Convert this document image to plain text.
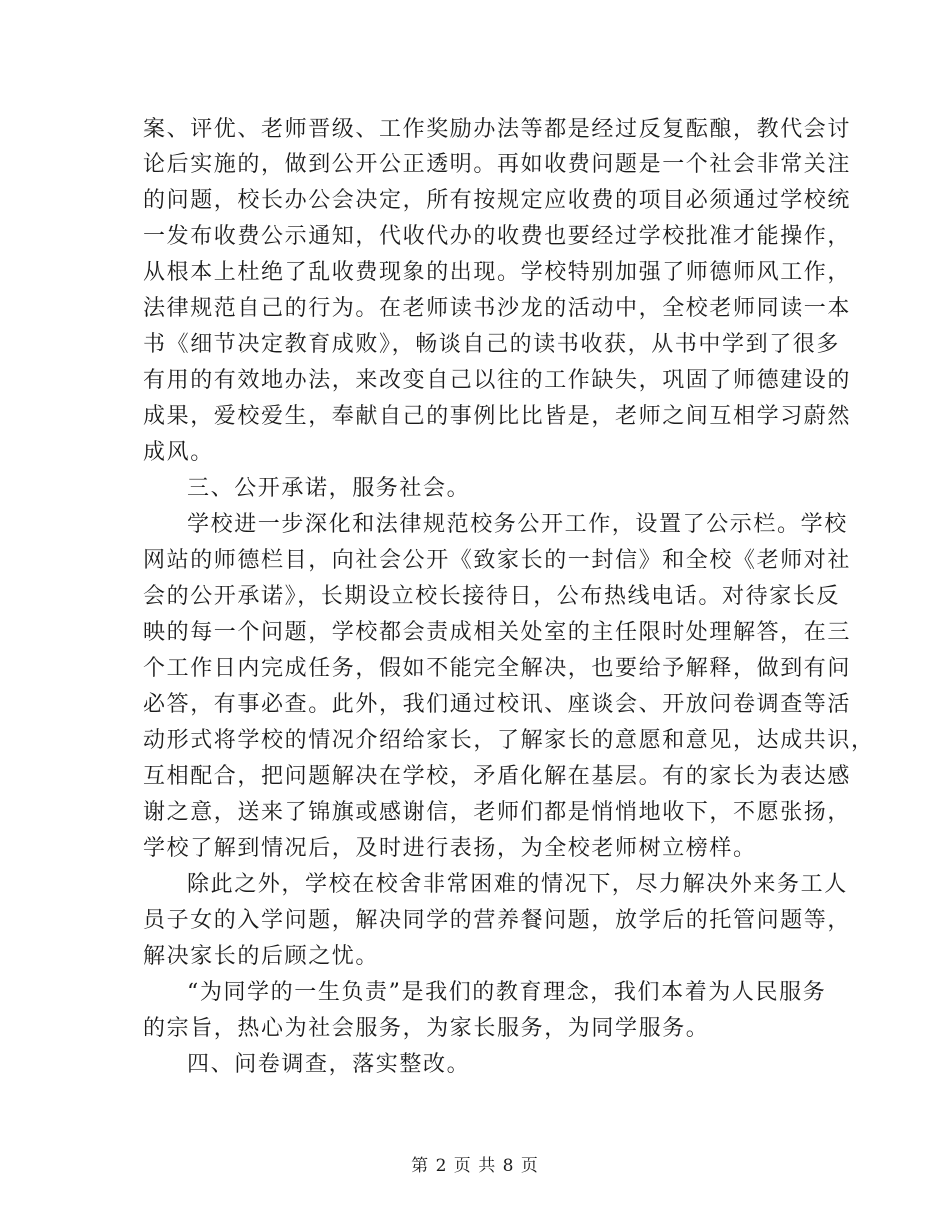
案、评优、老师晋级、工作奖励办法等都是经过反复酝酿，教代会讨
论后实施的，做到公开公正透明。再如收费问题是一个社会非常关注
的问题，校长办公会决定，所有按规定应收费的项目必须通过学校统
一发布收费公示通知，代收代办的收费也要经过学校批准才能操作，
从根本上杜绝了乱收费现象的出现。学校特别加强了师德师风工作，
法律规范自己的行为。在老师读书沙龙的活动中，全校老师同读一本
书《细节决定教育成败》，畅谈自己的读书收获，从书中学到了很多
有用的有效地办法，来改变自己以往的工作缺失，巩固了师德建设的
成果，爱校爱生，奉献自己的事例比比皆是，老师之间互相学习蔚然
成风。
三、公开承诺，服务社会。
学校进一步深化和法律规范校务公开工作，设置了公示栏。学校
网站的师德栏目，向社会公开《致家长的一封信》和全校《老师对社
会的公开承诺》，长期设立校长接待日，公布热线电话。对待家长反
映的每一个问题，学校都会责成相关处室的主任限时处理解答，在三
个工作日内完成任务，假如不能完全解决，也要给予解释，做到有问
必答，有事必查。此外，我们通过校讯、座谈会、开放问卷调查等活
动形式将学校的情况介绍给家长，了解家长的意愿和意见，达成共识，
互相配合，把问题解决在学校，矛盾化解在基层。有的家长为表达感
谢之意，送来了锦旗或感谢信，老师们都是悄悄地收下，不愿张扬，
学校了解到情况后，及时进行表扬，为全校老师树立榜样。
除此之外，学校在校舍非常困难的情况下，尽力解决外来务工人
员子女的入学问题，解决同学的营养餐问题，放学后的托管问题等，
解决家长的后顾之忧。
“为同学的一生负责”是我们的教育理念，我们本着为人民服务
的宗旨，热心为社会服务，为家长服务，为同学服务。
四、问卷调查，落实整改。
第 2 页 共 8 页
